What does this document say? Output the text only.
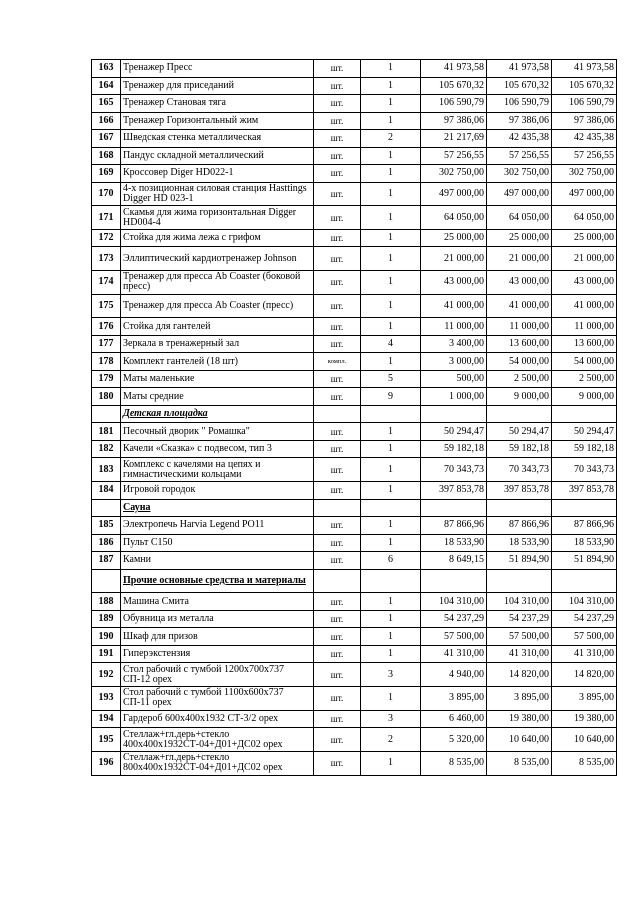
163	Тренажер Пресс	шт.	1	41 973,58	41 973,58	41 973,58
164	Тренажер для приседаний	шт.	1	105 670,32	105 670,32	105 670,32
165	Тренажер Становая тяга	шт.	1	106 590,79	106 590,79	106 590,79
166	Тренажер Горизонтальный жим	шт.	1	97 386,06	97 386,06	97 386,06
167	Шведская стенка металлическая	шт.	2	21 217,69	42 435,38	42 435,38
168	Пандус складной металлический	шт.	1	57 256,55	57 256,55	57 256,55
169	Кроссовер Diger HD022-1	шт.	1	302 750,00	302 750,00	302 750,00
170	4-х позиционная силовая станция Hasttings Digger HD 023-1	шт.	1	497 000,00	497 000,00	497 000,00
171	Скамья для жима горизонтальная Digger HD004-4	шт.	1	64 050,00	64 050,00	64 050,00
172	Стойка для жима лежа с грифом	шт.	1	25 000,00	25 000,00	25 000,00
173	Эллиптический кардиотренажер Johnson	шт.	1	21 000,00	21 000,00	21 000,00
174	Тренажер для пресса Ab Coaster (боковой пресс)	шт.	1	43 000,00	43 000,00	43 000,00
175	Тренажер для пресса Ab Coaster (пресс)	шт.	1	41 000,00	41 000,00	41 000,00
176	Стойка для гантелей	шт.	1	11 000,00	11 000,00	11 000,00
177	Зеркала в тренажерный зал	шт.	4	3 400,00	13 600,00	13 600,00
178	Комплект гантелей (18 шт)	компл.	1	3 000,00	54 000,00	54 000,00
179	Маты маленькие	шт.	5	500,00	2 500,00	2 500,00
180	Маты средние	шт.	9	1 000,00	9 000,00	9 000,00
	Детская площадка					
181	Песочный дворик " Ромашка"	шт.	1	50 294,47	50 294,47	50 294,47
182	Качели «Сказка» с подвесом, тип 3	шт.	1	59 182,18	59 182,18	59 182,18
183	Комплекс с качелями на цепях и гимнастическими кольцами	шт.	1	70 343,73	70 343,73	70 343,73
184	Игровой городок	шт.	1	397 853,78	397 853,78	397 853,78
	Сауна					
185	Электропечь Harvia Legend PO11	шт.	1	87 866,96	87 866,96	87 866,96
186	Пульт С150	шт.	1	18 533,90	18 533,90	18 533,90
187	Камни	шт.	6	8 649,15	51 894,90	51 894,90
	Прочие основные средства и материалы					
188	Машина Смита	шт.	1	104 310,00	104 310,00	104 310,00
189	Обувница из металла	шт.	1	54 237,29	54 237,29	54 237,29
190	Шкаф для призов	шт.	1	57 500,00	57 500,00	57 500,00
191	Гиперэкстензия	шт.	1	41 310,00	41 310,00	41 310,00
192	Стол рабочий с тумбой 1200х700х737 СП-12 орех	шт.	3	4 940,00	14 820,00	14 820,00
193	Стол рабочий с тумбой 1100х600х737 СП-11 орех	шт.	1	3 895,00	3 895,00	3 895,00
194	Гардероб 600х400х1932 СТ-3/2 орех	шт.	3	6 460,00	19 380,00	19 380,00
195	Стеллаж+гл.дерь+стекло 400х400х1932СТ-04+Д01+ДС02 орех	шт.	2	5 320,00	10 640,00	10 640,00
196	Стеллаж+гл.дерь+стекло 800х400х1932СТ-04+Д01+ДС02 орех	шт.	1	8 535,00	8 535,00	8 535,00
